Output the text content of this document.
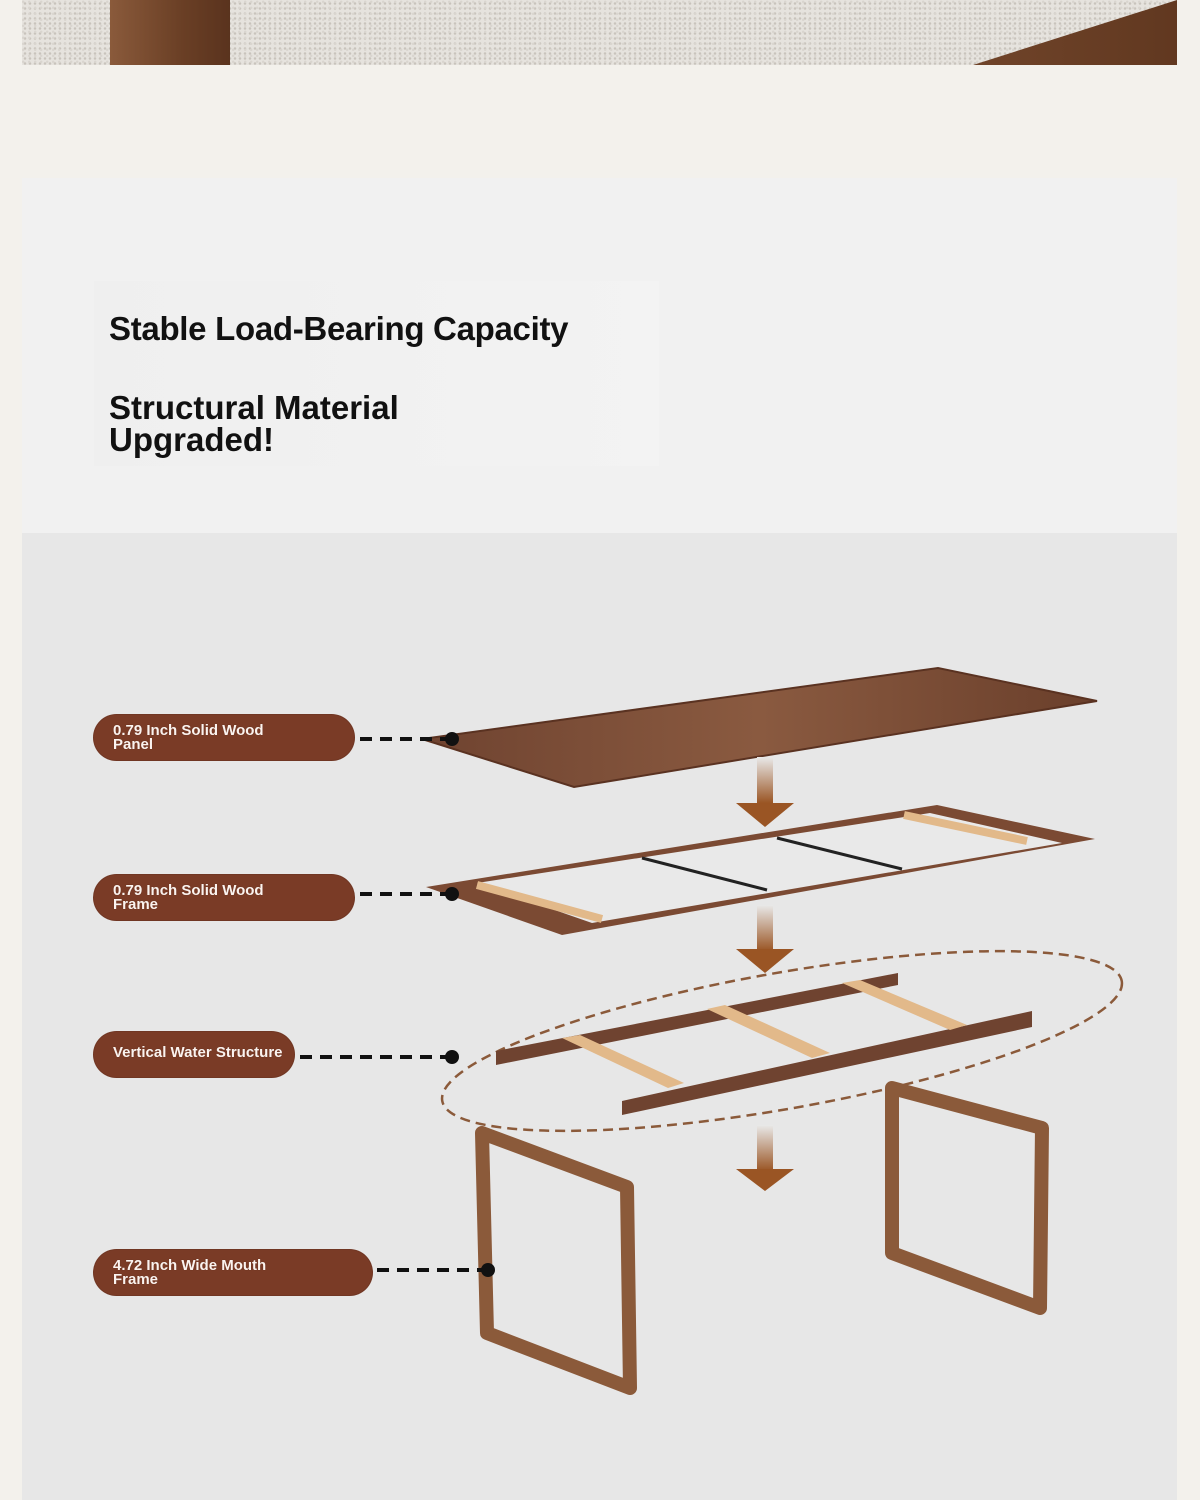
Stable Load-Bearing Capacity
Structural Material Upgraded!
0.79 Inch Solid Wood Panel
0.79 Inch Solid Wood Frame
Vertical Water Structure
4.72 Inch Wide Mouth Frame
